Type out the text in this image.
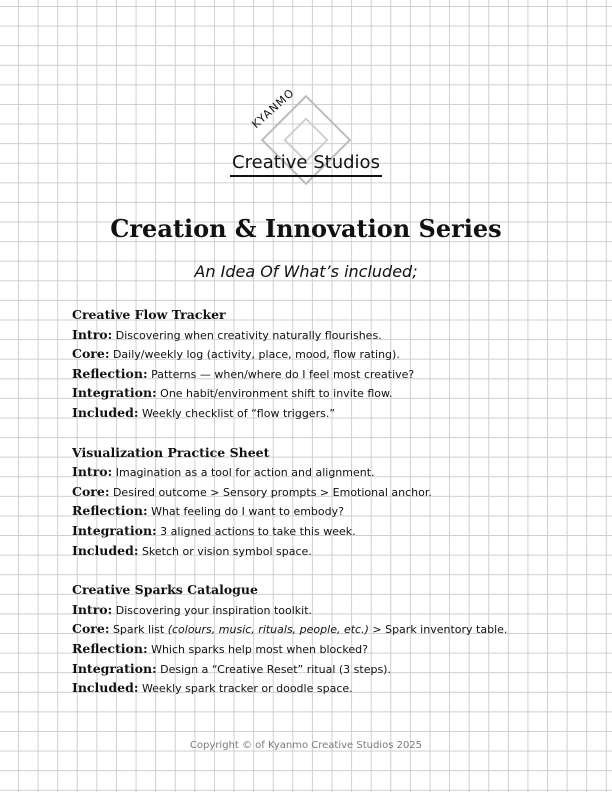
KYANMO
Creative Studios
Creation & Innovation Series
An Idea Of What’s included;
Creative Flow Tracker
Intro: Discovering when creativity naturally flourishes.
Core: Daily/weekly log (activity, place, mood, flow rating).
Reflection: Patterns — when/where do I feel most creative?
Integration: One habit/environment shift to invite flow.
Included: Weekly checklist of “flow triggers.”
Visualization Practice Sheet
Intro: Imagination as a tool for action and alignment.
Core: Desired outcome > Sensory prompts > Emotional anchor.
Reflection: What feeling do I want to embody?
Integration: 3 aligned actions to take this week.
Included: Sketch or vision symbol space.
Creative Sparks Catalogue
Intro: Discovering your inspiration toolkit.
Core: Spark list (colours, music, rituals, people, etc.) > Spark inventory table.
Reflection: Which sparks help most when blocked?
Integration: Design a “Creative Reset” ritual (3 steps).
Included: Weekly spark tracker or doodle space.
Copyright © of Kyanmo Creative Studios 2025
